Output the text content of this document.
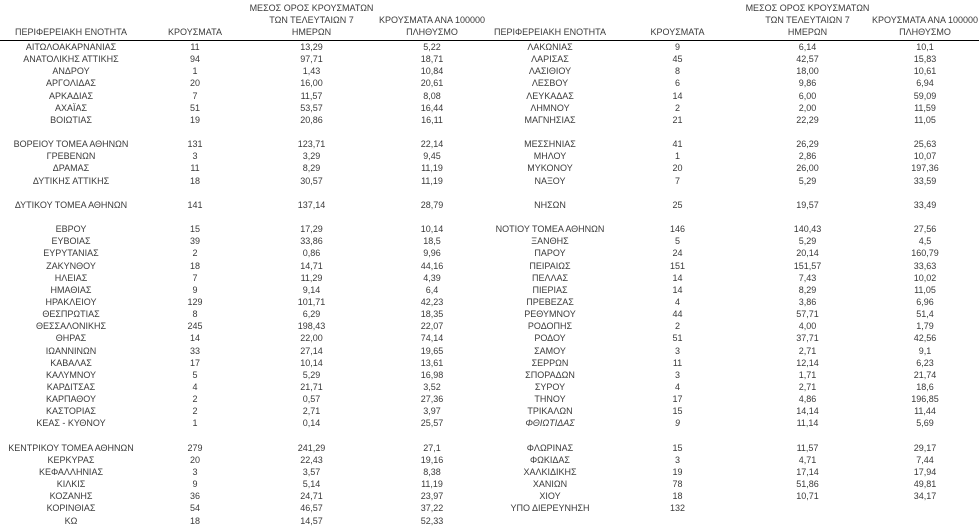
ΠΕΡΙΦΕΡΕΙΑΚΗ ΕΝΟΤΗΤΑ	ΚΡΟΥΣΜΑΤΑ
ΜΕΣΟΣ ΟΡΟΣ ΚΡΟΥΣΜΑΤΩΝ
ΤΩΝ ΤΕΛΕΥΤΑΙΩΝ 7
ΗΜΕΡΩΝ
ΚΡΟΥΣΜΑΤΑ ΑΝΑ 100000
ΠΛΗΘΥΣΜΟ
ΑΙΤΩΛΟΑΚΑΡΝΑΝΙΑΣ	11	13,29	5,22
ΑΝΑΤΟΛΙΚΗΣ ΑΤΤΙΚΗΣ	94	97,71	18,71
ΑΝΔΡΟΥ	1	1,43	10,84
ΑΡΓΟΛΙΔΑΣ	20	16,00	20,61
ΑΡΚΑΔΙΑΣ	7	11,57	8,08
ΑΧΑΪΑΣ	51	53,57	16,44
ΒΟΙΩΤΙΑΣ	19	20,86	16,11
ΒΟΡΕΙΟΥ ΤΟΜΕΑ ΑΘΗΝΩΝ	131	123,71	22,14
ΓΡΕΒΕΝΩΝ	3	3,29	9,45
ΔΡΑΜΑΣ	11	8,29	11,19
ΔΥΤΙΚΗΣ ΑΤΤΙΚΗΣ	18	30,57	11,19
ΔΥΤΙΚΟΥ ΤΟΜΕΑ ΑΘΗΝΩΝ	141	137,14	28,79
ΕΒΡΟΥ	15	17,29	10,14
ΕΥΒΟΙΑΣ	39	33,86	18,5
ΕΥΡΥΤΑΝΙΑΣ	2	0,86	9,96
ΖΑΚΥΝΘΟΥ	18	14,71	44,16
ΗΛΕΙΑΣ	7	11,29	4,39
ΗΜΑΘΙΑΣ	9	9,14	6,4
ΗΡΑΚΛΕΙΟΥ	129	101,71	42,23
ΘΕΣΠΡΩΤΙΑΣ	8	6,29	18,35
ΘΕΣΣΑΛΟΝΙΚΗΣ	245	198,43	22,07
ΘΗΡΑΣ	14	22,00	74,14
ΙΩΑΝΝΙΝΩΝ	33	27,14	19,65
ΚΑΒΑΛΑΣ	17	10,14	13,61
ΚΑΛΥΜΝΟΥ	5	5,29	16,98
ΚΑΡΔΙΤΣΑΣ	4	21,71	3,52
ΚΑΡΠΑΘΟΥ	2	0,57	27,36
ΚΑΣΤΟΡΙΑΣ	2	2,71	3,97
ΚΕΑΣ - ΚΥΘΝΟΥ	1	0,14	25,57
ΚΕΝΤΡΙΚΟΥ ΤΟΜΕΑ ΑΘΗΝΩΝ	279	241,29	27,1
ΚΕΡΚΥΡΑΣ	20	22,43	19,16
ΚΕΦΑΛΛΗΝΙΑΣ	3	3,57	8,38
ΚΙΛΚΙΣ	9	5,14	11,19
ΚΟΖΑΝΗΣ	36	24,71	23,97
ΚΟΡΙΝΘΙΑΣ	54	46,57	37,22
ΚΩ	18	14,57	52,33
ΠΕΡΙΦΕΡΕΙΑΚΗ ΕΝΟΤΗΤΑ	ΚΡΟΥΣΜΑΤΑ
ΜΕΣΟΣ ΟΡΟΣ ΚΡΟΥΣΜΑΤΩΝ
ΤΩΝ ΤΕΛΕΥΤΑΙΩΝ 7
ΗΜΕΡΩΝ
ΚΡΟΥΣΜΑΤΑ ΑΝΑ 100000
ΠΛΗΘΥΣΜΟ
ΛΑΚΩΝΙΑΣ	9	6,14	10,1
ΛΑΡΙΣΑΣ	45	42,57	15,83
ΛΑΣΙΘΙΟΥ	8	18,00	10,61
ΛΕΣΒΟΥ	6	9,86	6,94
ΛΕΥΚΑΔΑΣ	14	6,00	59,09
ΛΗΜΝΟΥ	2	2,00	11,59
ΜΑΓΝΗΣΙΑΣ	21	22,29	11,05
ΜΕΣΣΗΝΙΑΣ	41	26,29	25,63
ΜΗΛΟΥ	1	2,86	10,07
ΜΥΚΟΝΟΥ	20	26,00	197,36
ΝΑΞΟΥ	7	5,29	33,59
ΝΗΣΩΝ	25	19,57	33,49
ΝΟΤΙΟΥ ΤΟΜΕΑ ΑΘΗΝΩΝ	146	140,43	27,56
ΞΑΝΘΗΣ	5	5,29	4,5
ΠΑΡΟΥ	24	20,14	160,79
ΠΕΙΡΑΙΩΣ	151	151,57	33,63
ΠΕΛΛΑΣ	14	7,43	10,02
ΠΙΕΡΙΑΣ	14	8,29	11,05
ΠΡΕΒΕΖΑΣ	4	3,86	6,96
ΡΕΘΥΜΝΟΥ	44	57,71	51,4
ΡΟΔΟΠΗΣ	2	4,00	1,79
ΡΟΔΟΥ	51	37,71	42,56
ΣΑΜΟΥ	3	2,71	9,1
ΣΕΡΡΩΝ	11	12,14	6,23
ΣΠΟΡΑΔΩΝ	3	1,71	21,74
ΣΥΡΟΥ	4	2,71	18,6
ΤΗΝΟΥ	17	4,86	196,85
ΤΡΙΚΑΛΩΝ	15	14,14	11,44
ΦΘΙΩΤΙΔΑΣ	9	11,14	5,69
ΦΛΩΡΙΝΑΣ	15	11,57	29,17
ΦΩΚΙΔΑΣ	3	4,71	7,44
ΧΑΛΚΙΔΙΚΗΣ	19	17,14	17,94
ΧΑΝΙΩΝ	78	51,86	49,81
ΧΙΟΥ	18	10,71	34,17
ΥΠΟ ΔΙΕΡΕΥΝΗΣΗ	132
